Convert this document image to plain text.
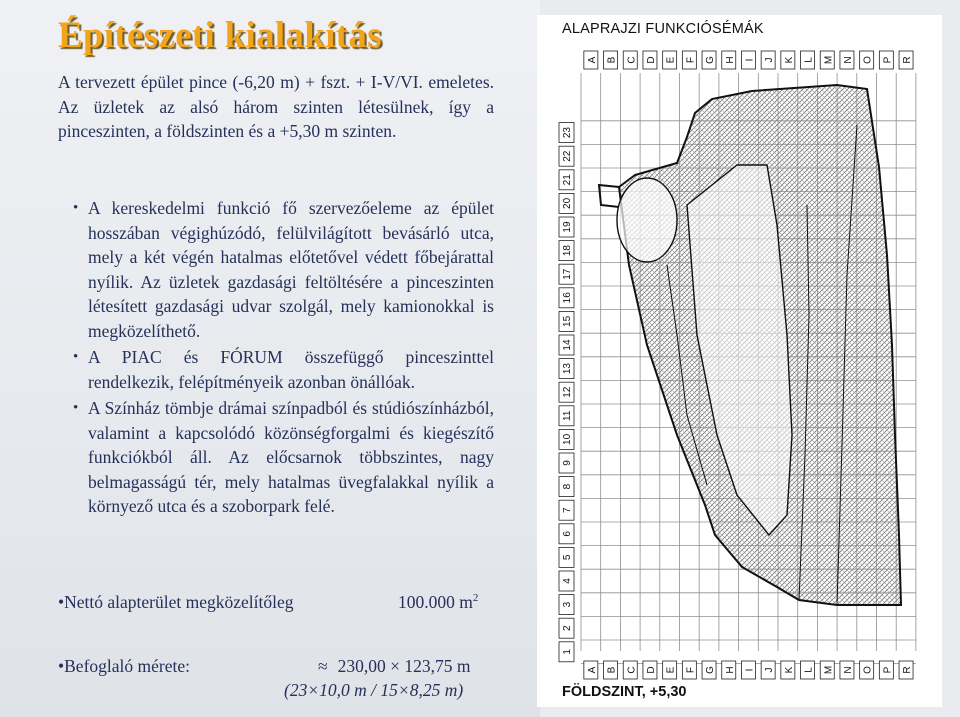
Építészeti kialakítás
A tervezett épület pince (-6,20 m) + fszt. + I-V/VI. emeletes. Az üzletek az alsó három szinten létesülnek, így a pinceszinten, a földszinten és a +5,30 m szinten.
• A kereskedelmi funkció fő szervezőeleme az épület hosszában végighúzódó, felülvilágított bevásárló utca, mely a két végén hatalmas előtetővel védett főbejárattal nyílik. Az üzletek gazdasági feltöltésére a pinceszinten létesített gazdasági udvar szolgál, mely kamionokkal is megközelíthető.
• A PIAC és FÓRUM összefüggő pinceszinttel rendelkezik, felépítményeik azonban önállóak.
• A Színház tömbje drámai színpadból és stúdiószínházból, valamint a kapcsolódó közönségforgalmi és kiegészítő funkciókból áll. Az előcsarnok többszintes, nagy belmagasságú tér, mely hatalmas üvegfalakkal nyílik a környező utca és a szoborpark felé.
•Nettó alapterület megközelítőleg	100.000 $m^2$
•Befoglaló mérete:	≈ 230,00 × 123,75 m
(23×10,0 m / 15×8,25 m)
ALAPRAJZI FUNKCIÓSÉMÁK
A
A
B
B
C
C
D
D
E
E
F
F
G
G
H
H
I
I
J
J
K
K
L
L
M
M
N
N
O
O
P
P
R
R
1
2
3
4
5
6
7
8
9
10
11
12
13
14
15
16
17
18
19
20
21
22
23
FÖLDSZINT, +5,30
